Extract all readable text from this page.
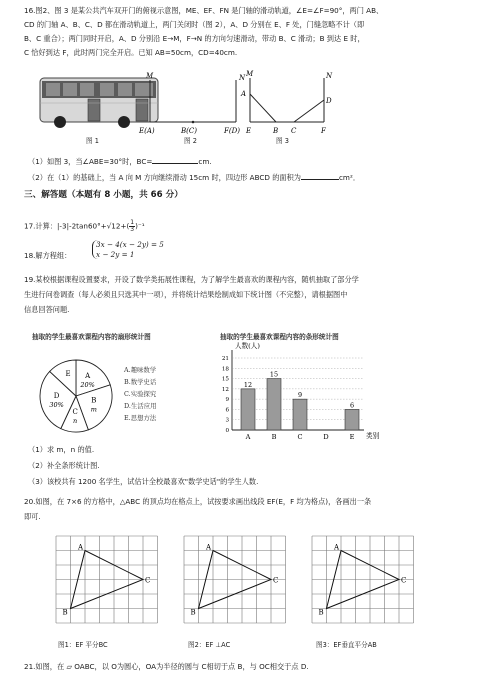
16.图2、图 3 是某公共汽车双开门的俯视示意图，ME、EF、FN 是门轴的滑动轨道，∠E=∠F=90°，两门 AB、
CD 的门轴 A、B、C、D 都在滑动轨道上，两门关闭时（图 2），A、D 分别在 E、F 处，门缝忽略不计（即
B、C 重合）；两门同时开启，A、D 分别沿 E→M，F→N 的方向匀速滑动，带动 B、C 滑动；B 到达 E 时，
C 恰好到达 F，此时两门完全开启。已知 AB=50cm，CD=40cm.
图 1
M	N
E(A)	B(C)	F(D)
图 2
M	N
A
D
E	B C	F
图 3
（1）如图 3，当∠ABE=30°时，BC=	cm.
（2）在（1）的基础上，当 A 向 M 方向继续滑动 15cm 时，四边形 ABCD 的面积为	cm²．
三、解答题（本题有 8 小题，共 66 分）
17.计算：$|-3|-2\tan 60^\circ+√12+( \frac{1}{3} )^{-1}$
18.解方程组：
3x − 4(x − 2y) = 5
x − 2y = 1
19.某校根据课程设置要求，开设了数学类拓展性课程，为了解学生最喜欢的课程内容，随机抽取了部分学
生进行问卷调查（每人必须且只选其中一项），并将统计结果绘制成如下统计图（不完整），请根据图中
信息回答问题.
抽取的学生最喜欢课程内容的扇形统计图
A
20%
B
m
C
n
D
30%
E	A.趣味数学
B.数学史话
C.实验探究
D.生活应用
E.思想方法
抽取的学生最喜欢课程内容的条形统计图
人数(人)
类别
3
6
9
12
15
18
21
0
A	B	C	D	E
12
15
9
6
（1）求 m，n 的值.
（2）补全条形统计图.
（3）该校共有 1200 名学生，试估计全校最喜欢"数学史话"的学生人数.
20.如图，在 7×6 的方格中，△ABC 的顶点均在格点上，试按要求画出线段 EF(E，F 均为格点)，各画出一条
即可.
A
B
C
A
B
C
A
B
C
图1：EF 平分BC	图2：EF ⊥AC	图3：EF垂直平分AB
21.如图，在 ▱ OABC，以 O为圆心，OA为半径的圆与 C相切于点 B，与 OC相交于点 D.
